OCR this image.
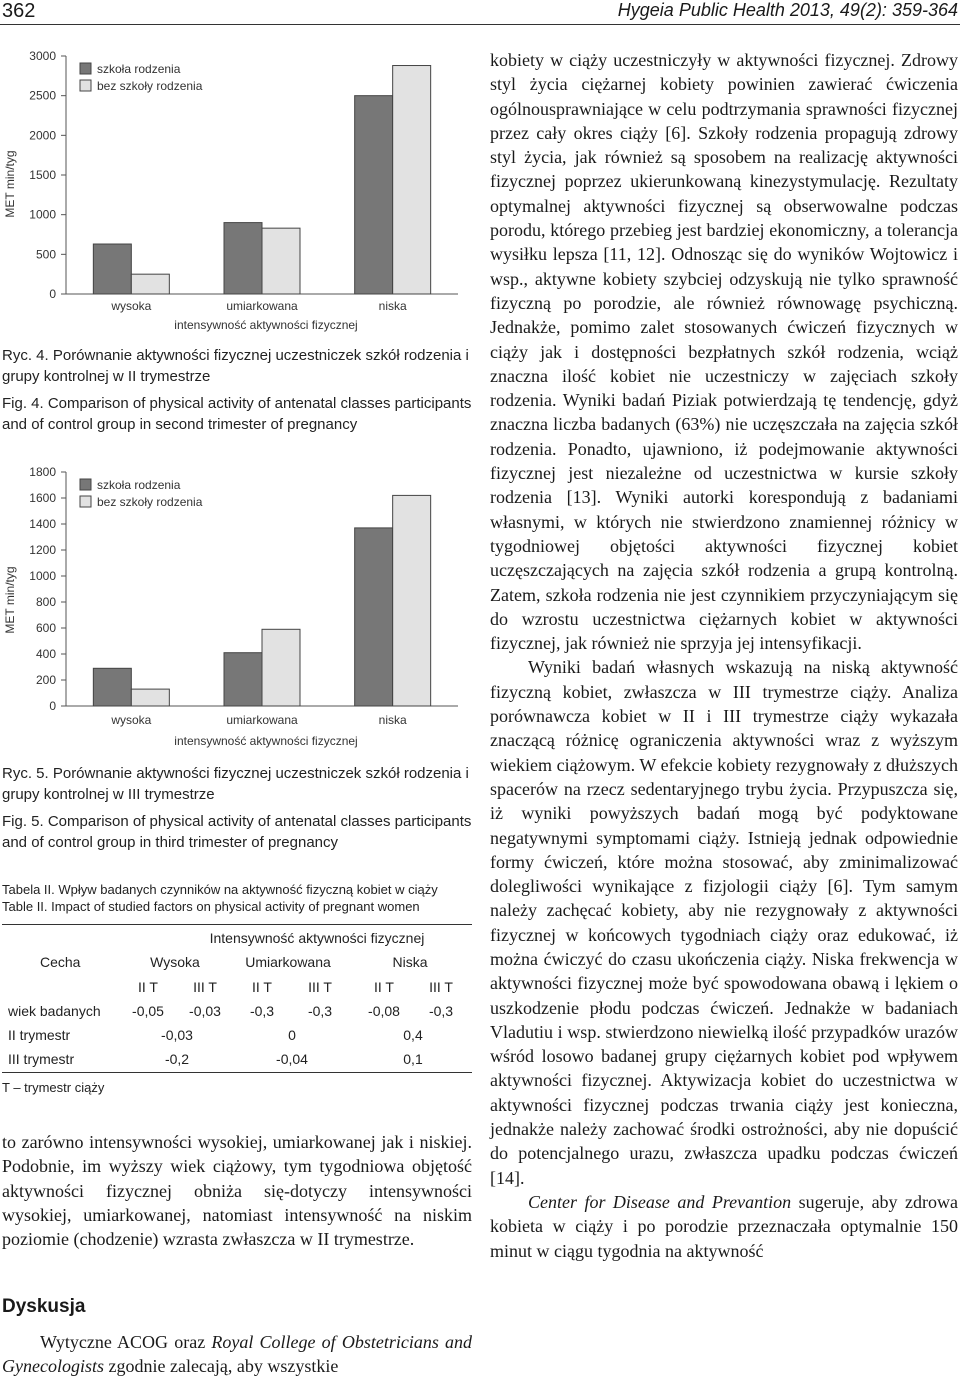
362	Hygeia Public Health 2013, 49(2): 359-364
MET min/tyg
0
500
1000
1500
2000
2500
3000
wysoka	umiarkowana	niska
intensywność aktywności fizycznej
szkoła rodzenia
bez szkoły rodzenia

Ryc. 4. Porównanie aktywności fizycznej uczestniczek szkół rodzenia i grupy kontrolnej w II trymestrze

Fig. 4. Comparison of physical activity of antenatal classes participants and of control group in second trimester of pregnancy

MET min/tyg
0
200
400
600
800
1000
1200
1400
1600
1800
wysoka	umiarkowana	niska
intensywność aktywności fizycznej
szkoła rodzenia
bez szkoły rodzenia

Ryc. 5. Porównanie aktywności fizycznej uczestniczek szkół rodzenia i grupy kontrolnej w III trymestrze

Fig. 5. Comparison of physical activity of antenatal classes participants and of control group in third trimester of pregnancy

Tabela II. Wpływ badanych czynników na aktywność fizyczną kobiet w ciąży
Table II. Impact of studied factors on physical activity of pregnant women
Intensywność aktywności fizycznej
Cecha	Wysoka	Umiarkowana	Niska
II T	III T	II T	III T	II T	III T
wiek badanych	-0,05	-0,03	-0,3	-0,3	-0,08	-0,3
II trymestr	-0,03	0	0,4
III trymestr	-0,2	-0,04	0,1
T – trymestr ciąży
to zarówno intensywności wysokiej, umiarkowanej jak i niskiej. Podobnie, im wyższy wiek ciążowy, tym tygodniowa objętość aktywności fizycznej obniża się-dotyczy intensywności wysokiej, umiarkowanej, natomiast intensywność na niskim poziomie (chodzenie) wzrasta zwłaszcza w II trymestrze.
Dyskusja
Wytyczne ACOG oraz Royal College of Obstetricians and Gynecologists zgodnie zalecają, aby wszystkie

kobiety w ciąży uczestniczyły w aktywności fizycznej. Zdrowy styl życia ciężarnej kobiety powinien zawierać ćwiczenia ogólnousprawniające w celu podtrzymania sprawności fizycznej przez cały okres ciąży [6]. Szkoły rodzenia propagują zdrowy styl życia, jak również są sposobem na realizację aktywności fizycznej poprzez ukierunkowaną kinezystymulację. Rezultaty optymalnej aktywności fizycznej są obserwowalne podczas porodu, którego przebieg jest bardziej ekonomiczny, a tolerancja wysiłku lepsza [11, 12]. Odnosząc się do wyników Wojtowicz i wsp., aktywne kobiety szybciej odzyskują nie tylko sprawność fizyczną po porodzie, ale również równowagę psychiczną. Jednakże, pomimo zalet stosowanych ćwiczeń fizycznych w ciąży jak i dostępności bezpłatnych szkół rodzenia, wciąż znaczna ilość kobiet nie uczestniczy w zajęciach szkoły rodzenia. Wyniki badań Piziak potwierdzają tę tendencję, gdyż znaczna liczba badanych (63%) nie uczęszczała na zajęcia szkół rodzenia. Ponadto, ujawniono, iż podejmowanie aktywności fizycznej jest niezależne od uczestnictwa w kursie szkoły rodzenia [13]. Wyniki autorki korespondują z badaniami własnymi, w których nie stwierdzono znamiennej różnicy w tygodniowej objętości aktywności fizycznej kobiet uczęszczających na zajęcia szkół rodzenia a grupą kontrolną. Zatem, szkoła rodzenia nie jest czynnikiem przyczyniającym się do wzrostu uczestnictwa ciężarnych kobiet w aktywności fizycznej, jak również nie sprzyja jej intensyfikacji.

Wyniki badań własnych wskazują na niską aktywność fizyczną kobiet, zwłaszcza w III trymestrze ciąży. Analiza porównawcza kobiet w II i III trymestrze ciąży wykazała znaczącą różnicę ograniczenia aktywności wraz z wyższym wiekiem ciążowym. W efekcie kobiety rezygnowały z dłuższych spacerów na rzecz sedentaryjnego trybu życia. Przypuszcza się, iż wyniki powyższych badań mogą być podyktowane negatywnymi symptomami ciąży. Istnieją jednak odpowiednie formy ćwiczeń, które można stosować, aby zminimalizować dolegliwości wynikające z fizjologii ciąży [6]. Tym samym należy zachęcać kobiety, aby nie rezygnowały z aktywności fizycznej w końcowych tygodniach ciąży oraz edukować, iż można ćwiczyć do czasu ukończenia ciąży. Niska frekwencja w aktywności fizycznej może być spowodowana obawą i lękiem o uszkodzenie płodu podczas ćwiczeń. Jednakże w badaniach Vladutiu i wsp. stwierdzono niewielką ilość przypadków urazów wśród losowo badanej grupy ciężarnych kobiet pod wpływem aktywności fizycznej. Aktywizacja kobiet do uczestnictwa w aktywności fizycznej podczas trwania ciąży jest konieczna, jednakże należy zachować środki ostrożności, aby nie dopuścić do potencjalnego urazu, zwłaszcza upadku podczas ćwiczeń [14].

Center for Disease and Prevantion sugeruje, aby zdrowa kobieta w ciąży i po porodzie przeznaczała optymalnie 150 minut w ciągu tygodnia na aktywność
